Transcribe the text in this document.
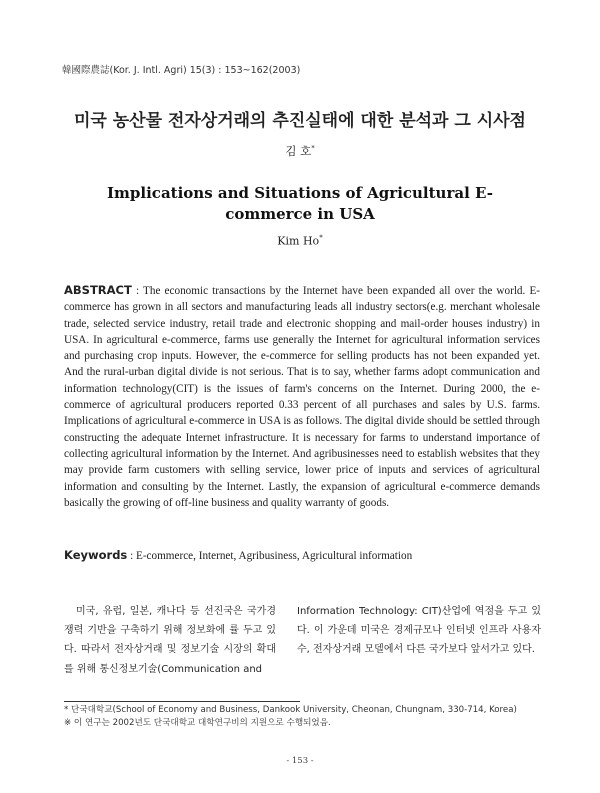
韓國際農誌(Kor. J. Intl. Agri) 15(3) : 153~162(2003)
미국 농산물 전자상거래의 추진실태에 대한 분석과 그 시사점
김 호*
Implications and Situations of Agricultural E-commerce in USA
Kim Ho*
ABSTRACT : The economic transactions by the Internet have been expanded all over the world. E-commerce has grown in all sectors and manufacturing leads all industry sectors(e.g. merchant wholesale trade, selected service industry, retail trade and electronic shopping and mail-order houses industry) in USA. In agricultural e-commerce, farms use generally the Internet for agricultural information services and purchasing crop inputs. However, the e-commerce for selling products has not been expanded yet. And the rural-urban digital divide is not serious. That is to say, whether farms adopt communication and information technology(CIT) is the issues of farm's concerns on the Internet. During 2000, the e-commerce of agricultural producers reported 0.33 percent of all purchases and sales by U.S. farms. Implications of agricultural e-commerce in USA is as follows. The digital divide should be settled through constructing the adequate Internet infrastructure. It is necessary for farms to understand importance of collecting agricultural information by the Internet. And agribusinesses need to establish websites that they may provide farm customers with selling service, lower price of inputs and services of agricultural information and consulting by the Internet. Lastly, the expansion of agricultural e-commerce demands basically the growing of off-line business and quality warranty of goods.
Keywords : E-commerce, Internet, Agribusiness, Agricultural information
미국, 유럽, 일본, 캐나다 등 선진국은 국가경쟁력 기반을 구축하기 위해 정보화에 률 두고 있다. 따라서 전자상거래 및 정보기술 시장의 확대를 위해 통신정보기술(Communication and
Information Technology: CIT)산업에 역점을 두고 있다. 이 가운데 미국은 경제규모나 인터넷 인프라 사용자 수, 전자상거래 모델에서 다른 국가보다 앞서가고 있다.
* 단국대학교(School of Economy and Business, Dankook University, Cheonan, Chungnam, 330-714, Korea)
※ 이 연구는 2002년도 단국대학교 대학연구비의 지원으로 수행되었음.
- 153 -
